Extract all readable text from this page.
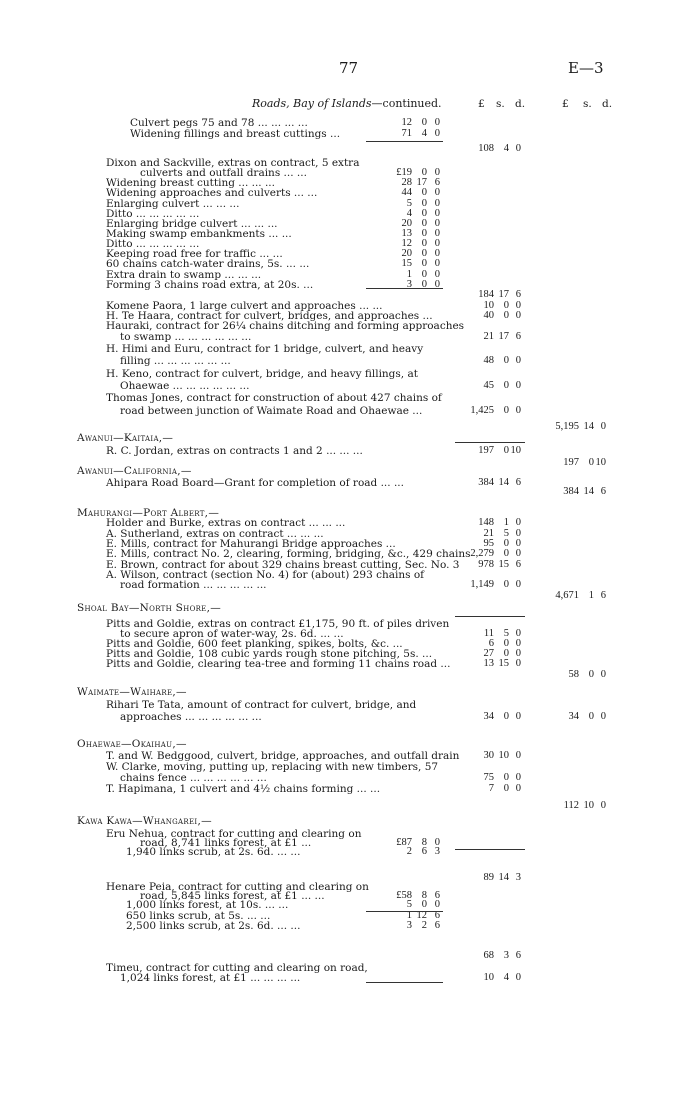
77	E—3
Roads, Bay of Islands—continued.	£ s. d.	£ s. d.
Culvert pegs 75 and 78 ... ... ... ...	12 0 0
Widening fillings and breast cuttings ...	71 4 0
108 4 0
Dixon and Sackville, extras on contract, 5 extra
culverts and outfall drains ... ...	£19 0 0
Widening breast cutting ... ... ...	28 17 6
Widening approaches and culverts ... ...	44 0 0
Enlarging culvert ... ... ...	5 0 0
Ditto ... ... ... ... ...	4 0 0
Enlarging bridge culvert ... ... ...	20 0 0
Making swamp embankments ... ...	13 0 0
Ditto ... ... ... ... ...	12 0 0
Keeping road free for traffic ... ...	20 0 0
60 chains catch-water drains, 5s. ... ...	15 0 0
Extra drain to swamp ... ... ...	1 0 0
Forming 3 chains road extra, at 20s. ...	3 0 0
184 17 6
Komene Paora, 1 large culvert and approaches ... ...	10 0 0
H. Te Haara, contract for culvert, bridges, and approaches ...	40 0 0
Hauraki, contract for 26¼ chains ditching and forming approaches
to swamp ... ... ... ... ... ...	21 17 6
H. Himi and Euru, contract for 1 bridge, culvert, and heavy
filling ... ... ... ... ... ...	48 0 0
H. Keno, contract for culvert, bridge, and heavy fillings, at
Ohaewae ... ... ... ... ... ...	45 0 0
Thomas Jones, contract for construction of about 427 chains of
road between junction of Waimate Road and Ohaewae ...	1,425 0 0
5,195 14 0
Awanui—Kaitaia,—
R. C. Jordan, extras on contracts 1 and 2 ... ... ...	197 0 10
197 0 10
Awanui—California,—
Ahipara Road Board—Grant for completion of road ... ...	384 14 6
384 14 6
Mahurangi—Port Albert,—
Holder and Burke, extras on contract ... ... ...	148 1 0
A. Sutherland, extras on contract ... ... ...	21 5 0
E. Mills, contract for Mahurangi Bridge approaches ...	95 0 0
E. Mills, contract No. 2, clearing, forming, bridging, &c., 429 chains 2,279 0 0
E. Brown, contract for about 329 chains breast cutting, Sec. No. 3 978 15 6
A. Wilson, contract (section No. 4) for (about) 293 chains of
road formation ... ... ... ... ...	1,149 0 0
4,671 1 6
Shoal Bay—North Shore,—
Pitts and Goldie, extras on contract £1,175, 90 ft. of piles driven
to secure apron of water-way, 2s. 6d. ... ...	11 5 0
Pitts and Goldie, 600 feet planking, spikes, bolts, &c. ...	6 0 0
Pitts and Goldie, 108 cubic yards rough stone pitching, 5s. ...	27 0 0
Pitts and Goldie, clearing tea-tree and forming 11 chains road ...	13 15 0
58 0 0
Waimate—Waihare,—
Rihari Te Tata, amount of contract for culvert, bridge, and
approaches ... ... ... ... ... ...	34 0 0	34 0 0
Ohaewae—Okaihau,—
T. and W. Bedggood, culvert, bridge, approaches, and outfall drain 30 10 0
W. Clarke, moving, putting up, replacing with new timbers, 57
chains fence ... ... ... ... ... ...	75 0 0
T. Hapimana, 1 culvert and 4½ chains forming ... ...	7 0 0
112 10 0
Kawa Kawa—Whangarei,—
Eru Nehua, contract for cutting and clearing on
road, 8,741 links forest, at £1 ...	£87 8 0
1,940 links scrub, at 2s. 6d. ... ...	2 6 3
89 14 3
Henare Peia, contract for cutting and clearing on
road, 5,845 links forest, at £1 ... ...	£58 8 6
1,000 links forest, at 10s. ... ...	5 0 0
650 links scrub, at 5s. ... ...	1 12 6
2,500 links scrub, at 2s. 6d. ... ...	3 2 6
68 3 6
Timeu, contract for cutting and clearing on road,
1,024 links forest, at £1 ... ... ... ...	10 4 0
